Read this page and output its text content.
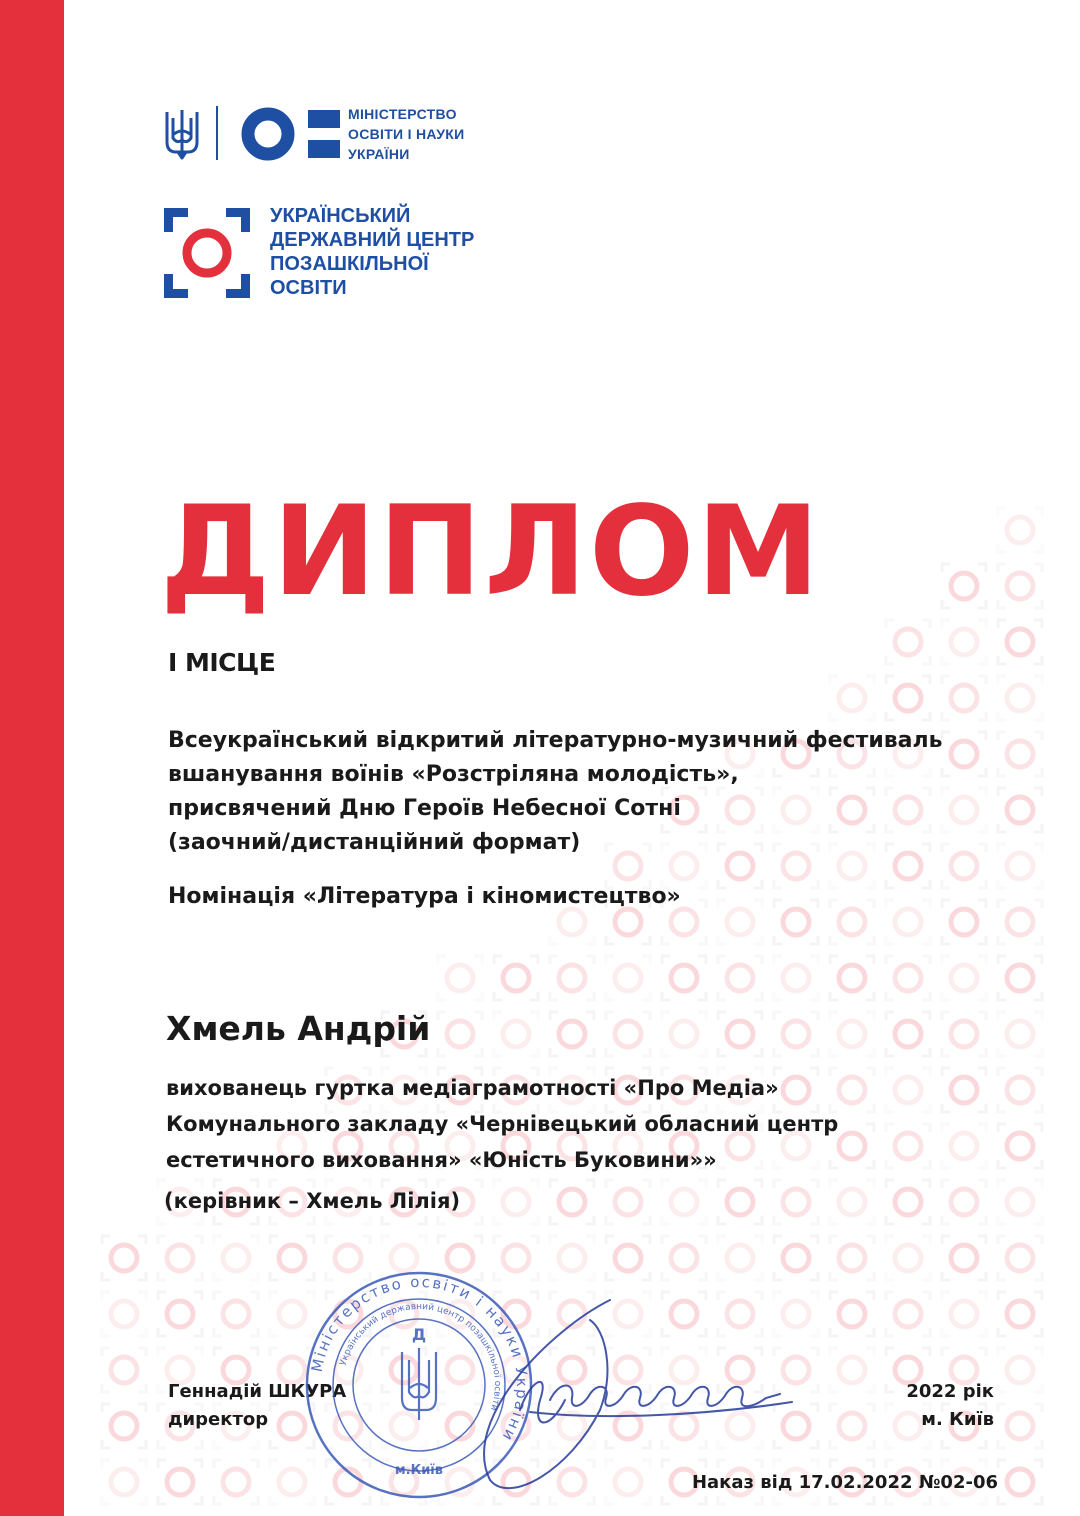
МІНІСТЕРСТВО
ОСВІТИ І НАУКИ
УКРАЇНИ
УКРАЇНСЬКИЙ
ДЕРЖАВНИЙ ЦЕНТР
ПОЗАШКІЛЬНОЇ
ОСВІТИ
ДИПЛОМ
І МІСЦЕ
Всеукраїнський відкритий літературно-музичний фестиваль
вшанування воїнів «Розстріляна молодість»,
присвячений Дню Героїв Небесної Сотні
(заочний/дистанційний формат)
Номінація «Література і кіномистецтво»
Хмель Андрій
вихованець гуртка медіаграмотності «Про Медіа»
Комунального закладу «Чернівецький обласний центр
естетичного виховання» «Юність Буковини»»
(керівник – Хмель Лілія)
Геннадій ШКУРА
директор
2022 рік
м. Київ
Міністерство освіти і науки України
Український державний центр позашкільної освіти
Д
м.Київ
Наказ від 17.02.2022 №02-06
